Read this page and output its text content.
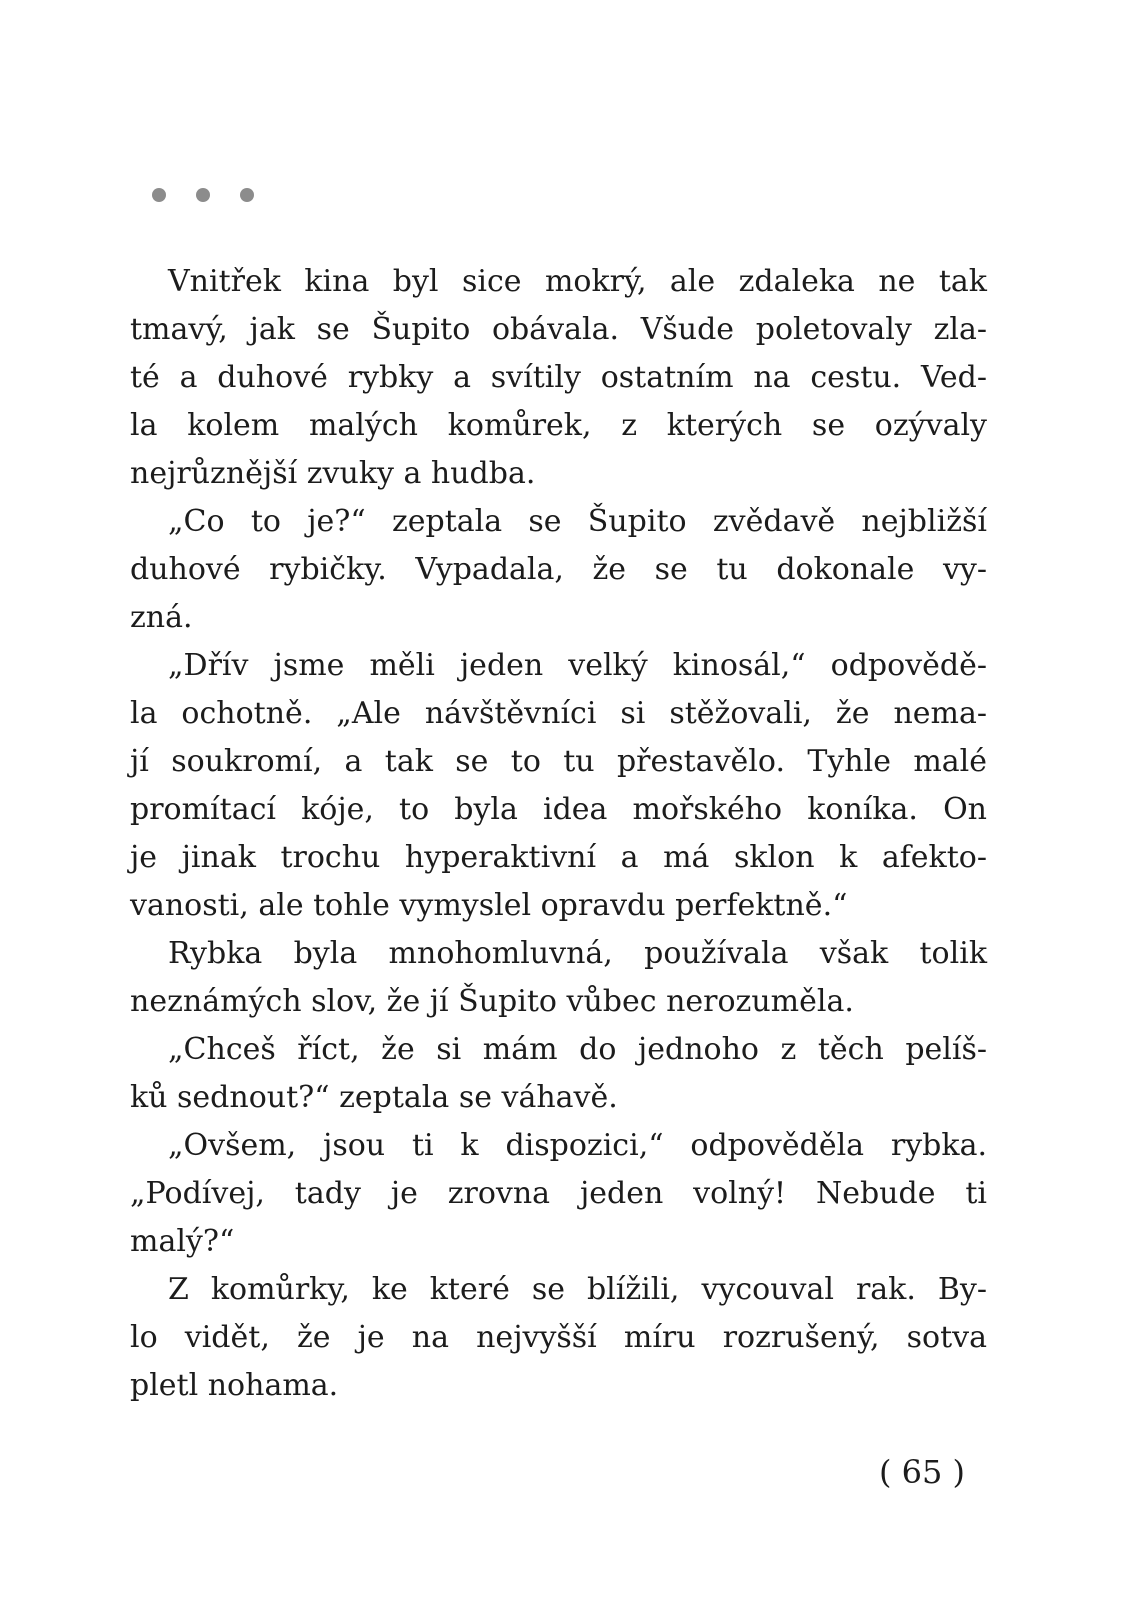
Vnitřek kina byl sice mokrý, ale zdaleka ne tak
tmavý, jak se Šupito obávala. Všude poletovaly zla-
té a duhové rybky a svítily ostatním na cestu. Ved-
la kolem malých komůrek, z kterých se ozývaly
nejrůznější zvuky a hudba.
„Co to je?“ zeptala se Šupito zvědavě nejbližší
duhové rybičky. Vypadala, že se tu dokonale vy-
zná.
„Dřív jsme měli jeden velký kinosál,“ odpovědě-
la ochotně. „Ale návštěvníci si stěžovali, že nema-
jí soukromí, a tak se to tu přestavělo. Tyhle malé
promítací kóje, to byla idea mořského koníka. On
je jinak trochu hyperaktivní a má sklon k afekto-
vanosti, ale tohle vymyslel opravdu perfektně.“
Rybka byla mnohomluvná, používala však tolik
neznámých slov, že jí Šupito vůbec nerozuměla.
„Chceš říct, že si mám do jednoho z těch pelíš-
ků sednout?“ zeptala se váhavě.
„Ovšem, jsou ti k dispozici,“ odpověděla rybka.
„Podívej, tady je zrovna jeden volný! Nebude ti
malý?“
Z komůrky, ke které se blížili, vycouval rak. By-
lo vidět, že je na nejvyšší míru rozrušený, sotva
pletl nohama.
( 65 )
